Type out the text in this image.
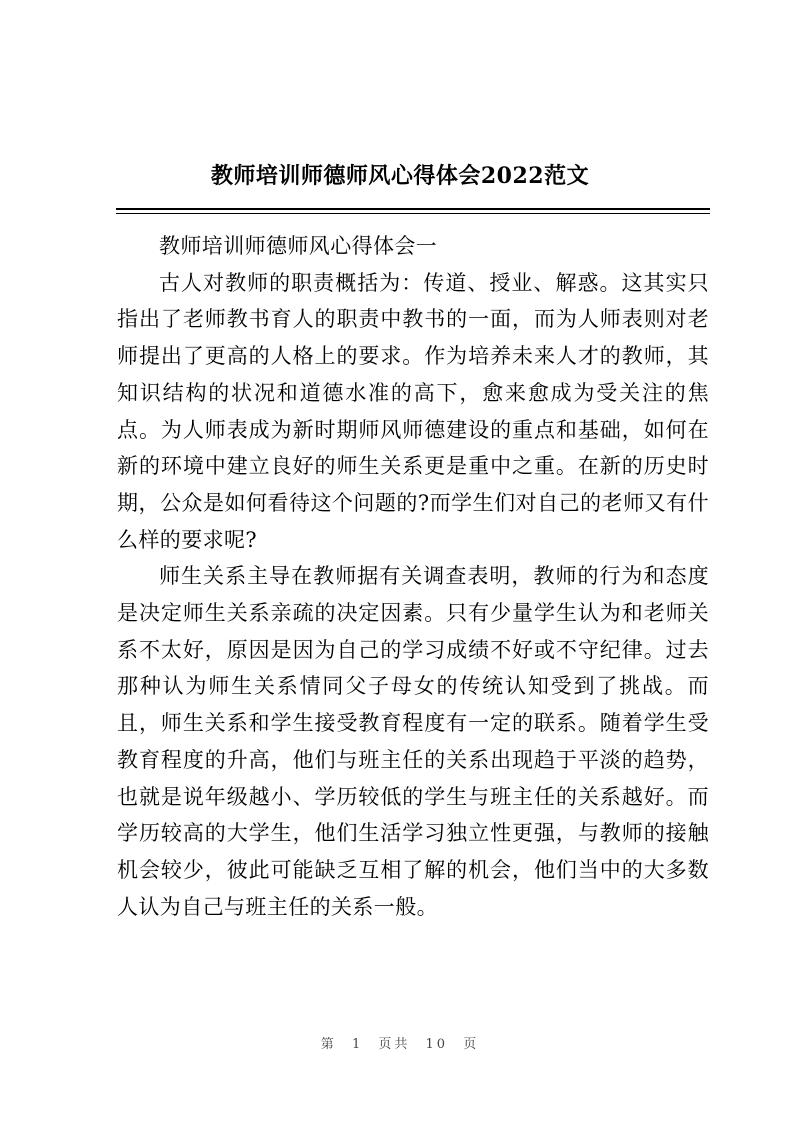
教师培训师德师风心得体会2022范文

教师培训师德师风心得体会一

古人对教师的职责概括为：传道、授业、解惑。这其实只指出了老师教书育人的职责中教书的一面，而为人师表则对老师提出了更高的人格上的要求。作为培养未来人才的教师，其知识结构的状况和道德水准的高下，愈来愈成为受关注的焦点。为人师表成为新时期师风师德建设的重点和基础，如何在新的环境中建立良好的师生关系更是重中之重。在新的历史时期，公众是如何看待这个问题的?而学生们对自己的老师又有什么样的要求呢?

师生关系主导在教师据有关调查表明，教师的行为和态度是决定师生关系亲疏的决定因素。只有少量学生认为和老师关系不太好，原因是因为自己的学习成绩不好或不守纪律。过去那种认为师生关系情同父子母女的传统认知受到了挑战。而且，师生关系和学生接受教育程度有一定的联系。随着学生受教育程度的升高，他们与班主任的关系出现趋于平淡的趋势，也就是说年级越小、学历较低的学生与班主任的关系越好。而学历较高的大学生，他们生活学习独立性更强，与教师的接触机会较少，彼此可能缺乏互相了解的机会，他们当中的大多数人认为自己与班主任的关系一般。

第 1 页共 10 页
